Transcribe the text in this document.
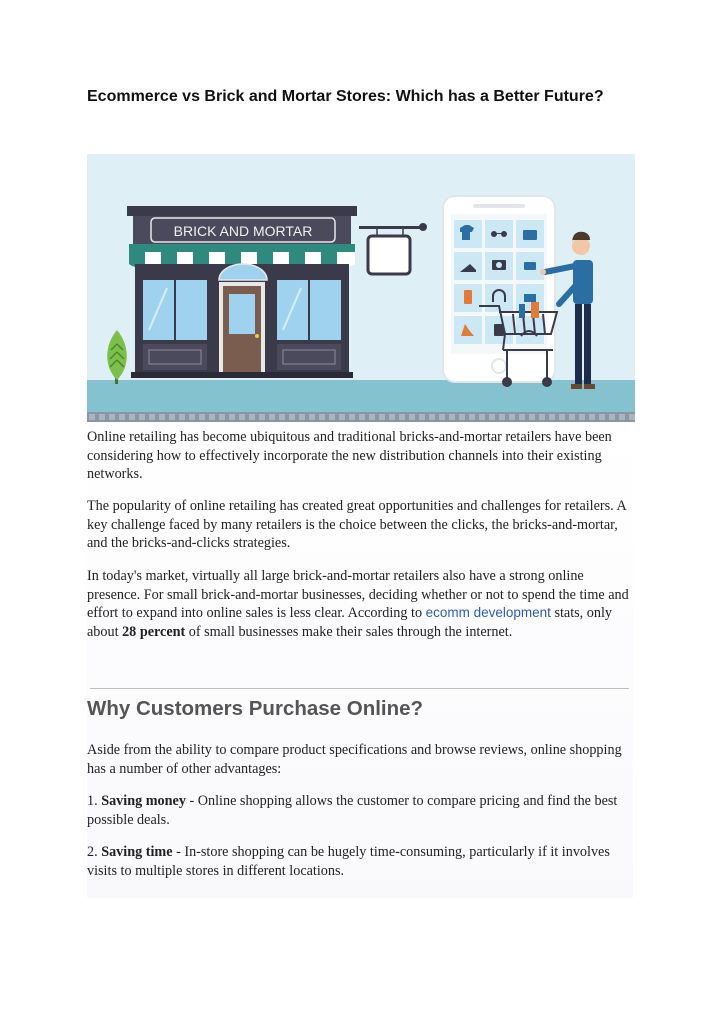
Ecommerce vs Brick and Mortar Stores: Which has a Better Future?
BRICK AND MORTAR

Online retailing has become ubiquitous and traditional bricks-and-mortar retailers have been considering how to effectively incorporate the new distribution channels into their existing networks.

The popularity of online retailing has created great opportunities and challenges for retailers. A key challenge faced by many retailers is the choice between the clicks, the bricks-and-mortar, and the bricks-and-clicks strategies.

In today's market, virtually all large brick-and-mortar retailers also have a strong online presence. For small brick-and-mortar businesses, deciding whether or not to spend the time and effort to expand into online sales is less clear. According to ecomm development stats, only about 28 percent of small businesses make their sales through the internet.

Why Customers Purchase Online?

Aside from the ability to compare product specifications and browse reviews, online shopping has a number of other advantages:

1. Saving money - Online shopping allows the customer to compare pricing and find the best possible deals.

2. Saving time - In-store shopping can be hugely time-consuming, particularly if it involves visits to multiple stores in different locations.
